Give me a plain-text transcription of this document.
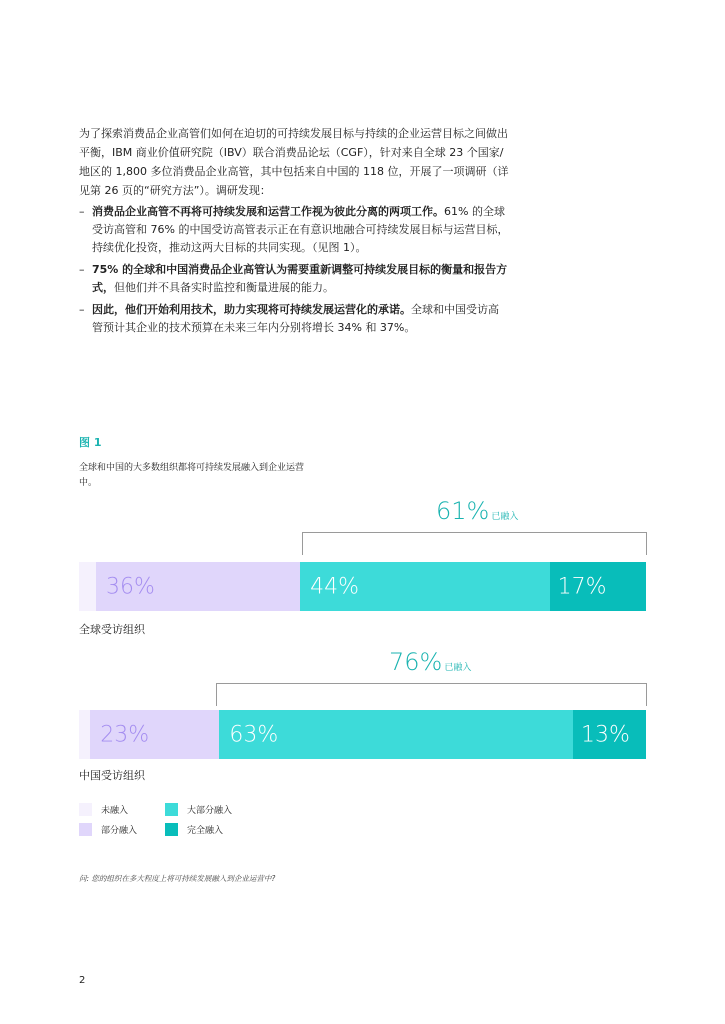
为了探索消费品企业高管们如何在迫切的可持续发展目标与持续的企业运营目标之间做出平衡，IBM 商业价值研究院（IBV）联合消费品论坛（CGF），针对来自全球 23 个国家/地区的 1,800 多位消费品企业高管，其中包括来自中国的 118 位，开展了一项调研（详见第 26 页的“研究方法”）。调研发现：
– 消费品企业高管不再将可持续发展和运营工作视为彼此分离的两项工作。61% 的全球受访高管和 76% 的中国受访高管表示正在有意识地融合可持续发展目标与运营目标，持续优化投资，推动这两大目标的共同实现。（见图 1）。
– 75% 的全球和中国消费品企业高管认为需要重新调整可持续发展目标的衡量和报告方式，但他们并不具备实时监控和衡量进展的能力。
– 因此，他们开始利用技术，助力实现将可持续发展运营化的承诺。全球和中国受访高管预计其企业的技术预算在未来三年内分别将增长 34% 和 37%。
图 1
全球和中国的大多数组织都将可持续发展融入到企业运营中。
61% 已融入
36%	44%	17%
全球受访组织
76% 已融入
23%	63%	13%
中国受访组织
未融入
部分融入
大部分融入
完全融入
问: 您的组织在多大程度上将可持续发展融入到企业运营中?
2
